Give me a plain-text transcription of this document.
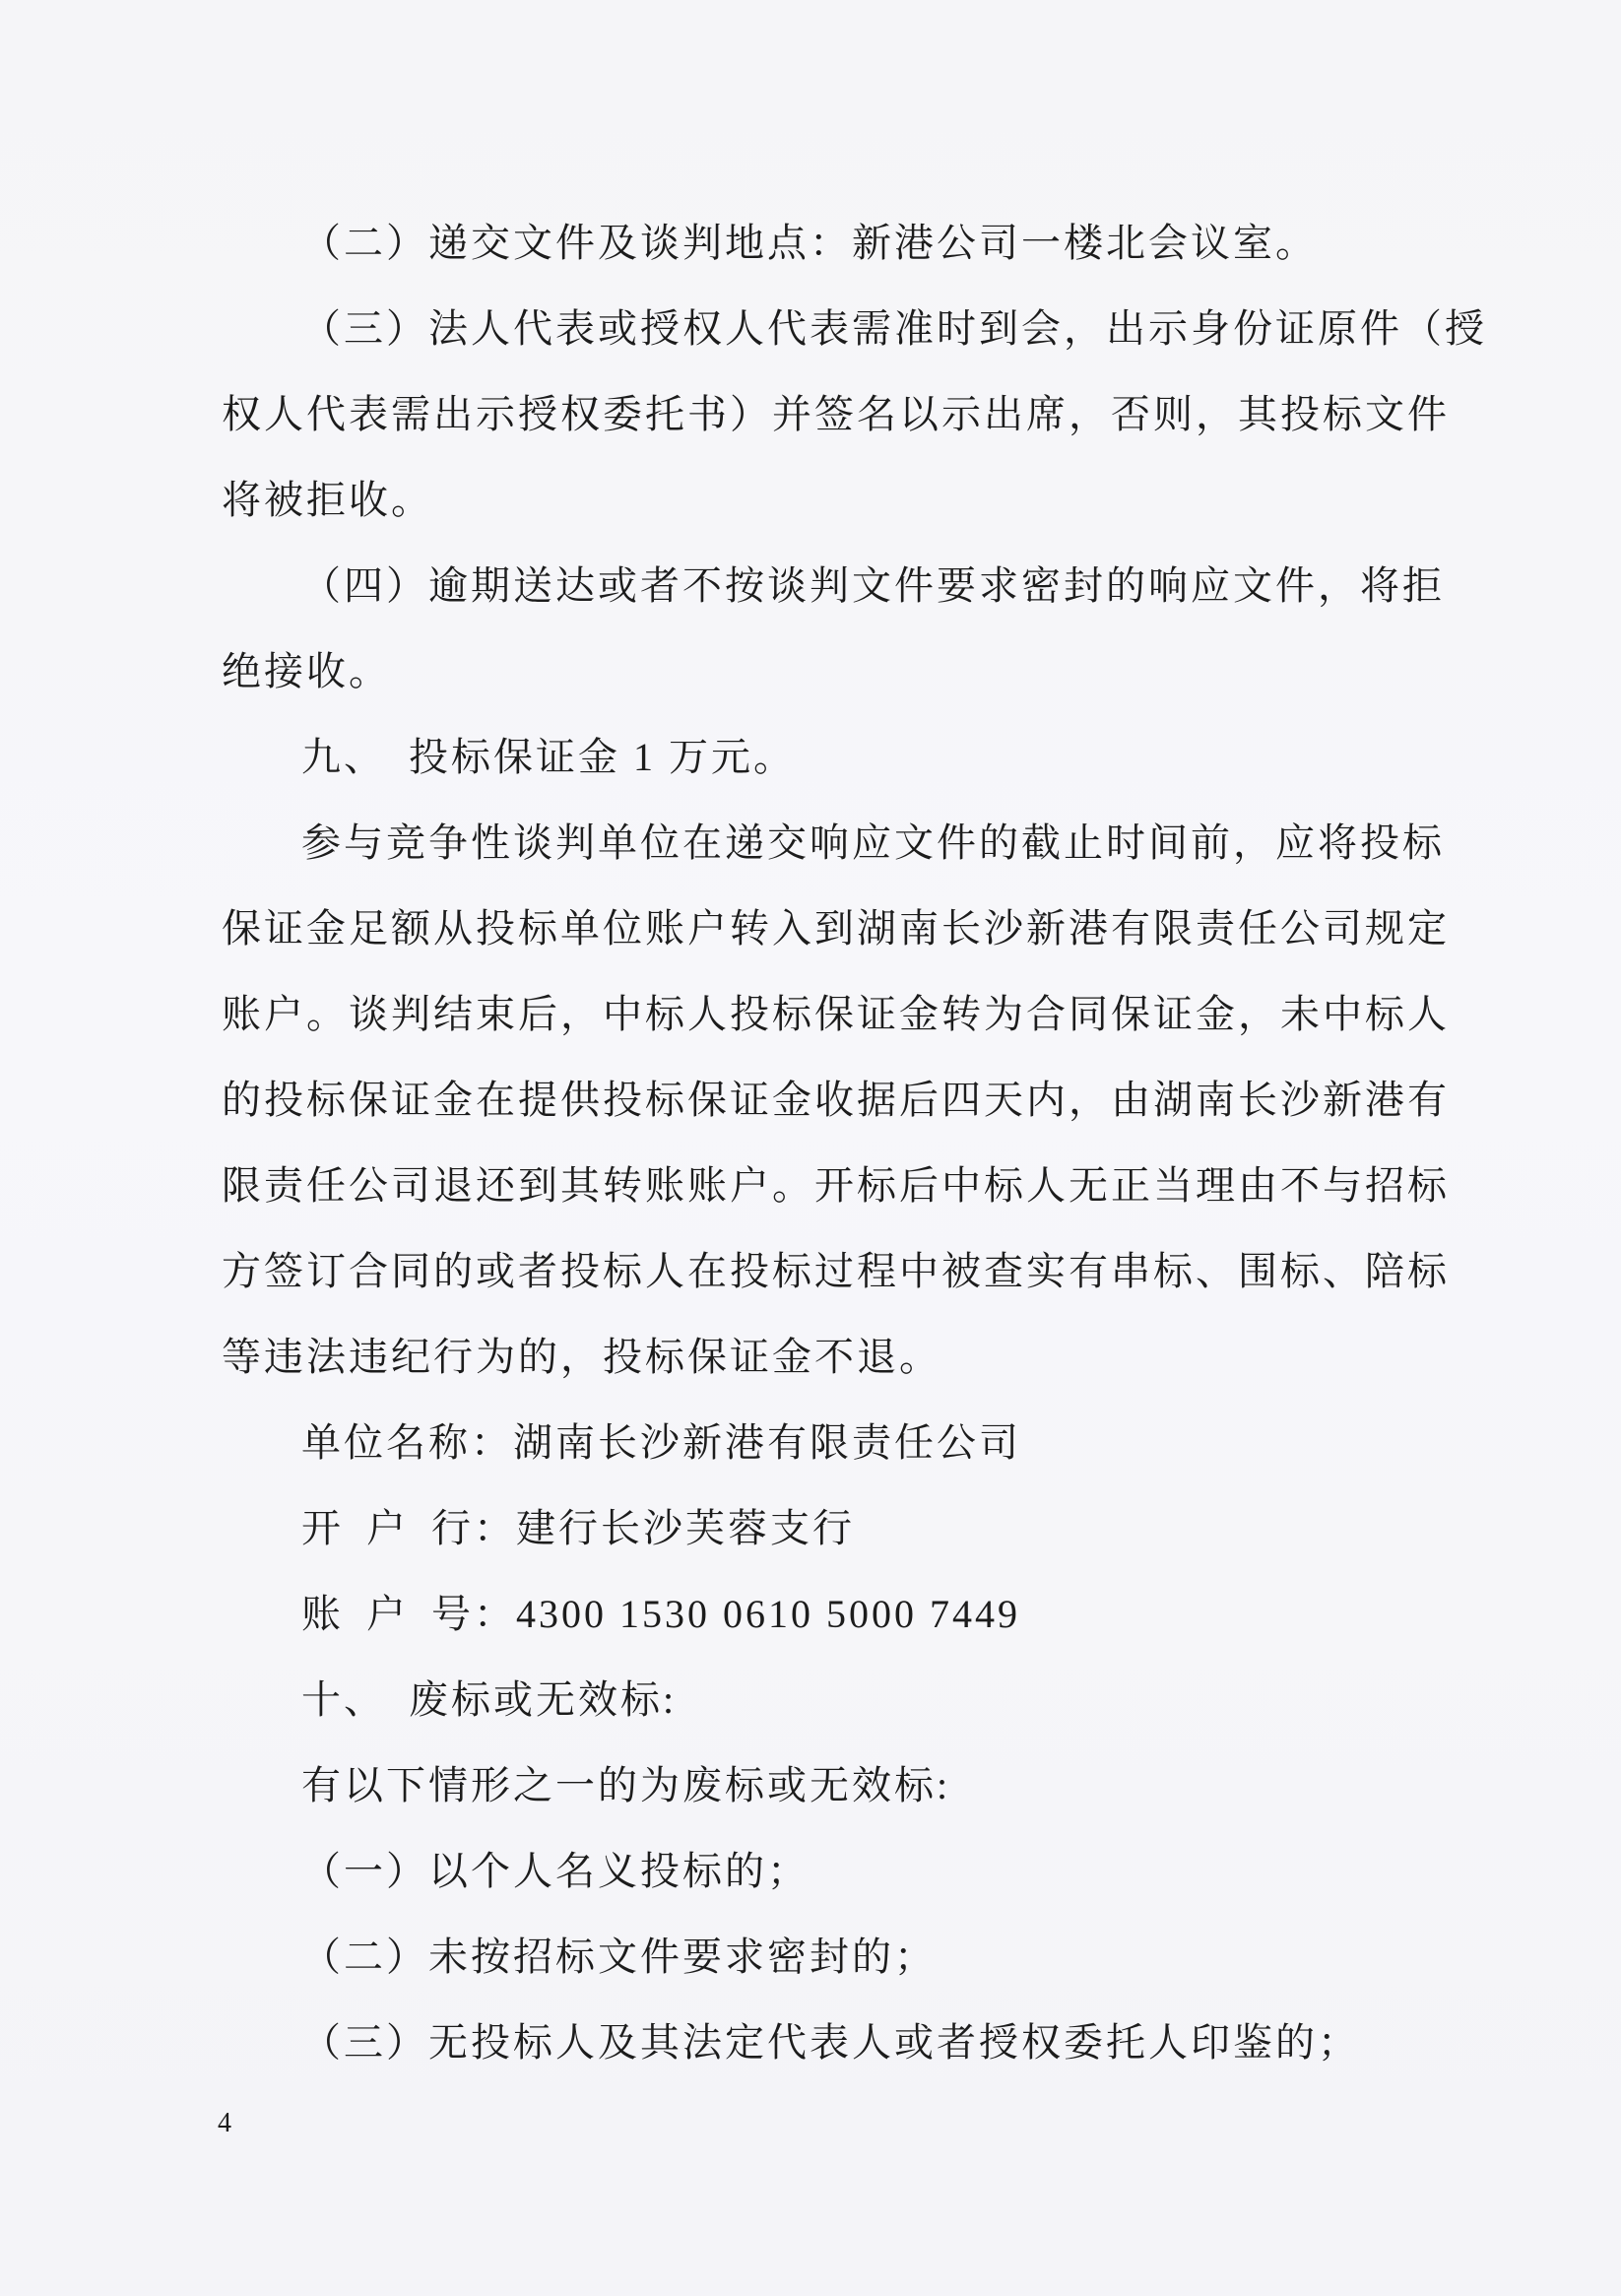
（二）递交文件及谈判地点：新港公司一楼北会议室。
（三）法人代表或授权人代表需准时到会，出示身份证原件（授
权人代表需出示授权委托书）并签名以示出席，否则，其投标文件
将被拒收。
（四）逾期送达或者不按谈判文件要求密封的响应文件，将拒
绝接收。
九、　投标保证金 1 万元。
参与竞争性谈判单位在递交响应文件的截止时间前，应将投标
保证金足额从投标单位账户转入到湖南长沙新港有限责任公司规定
账户。谈判结束后，中标人投标保证金转为合同保证金，未中标人
的投标保证金在提供投标保证金收据后四天内，由湖南长沙新港有
限责任公司退还到其转账账户。开标后中标人无正当理由不与招标
方签订合同的或者投标人在投标过程中被查实有串标、围标、陪标
等违法违纪行为的，投标保证金不退。
单位名称：湖南长沙新港有限责任公司
开 户 行：建行长沙芙蓉支行
账 户 号：4300 1530 0610 5000 7449
十、　废标或无效标:
有以下情形之一的为废标或无效标:
（一）以个人名义投标的；
（二）未按招标文件要求密封的；
（三）无投标人及其法定代表人或者授权委托人印鉴的；
4
